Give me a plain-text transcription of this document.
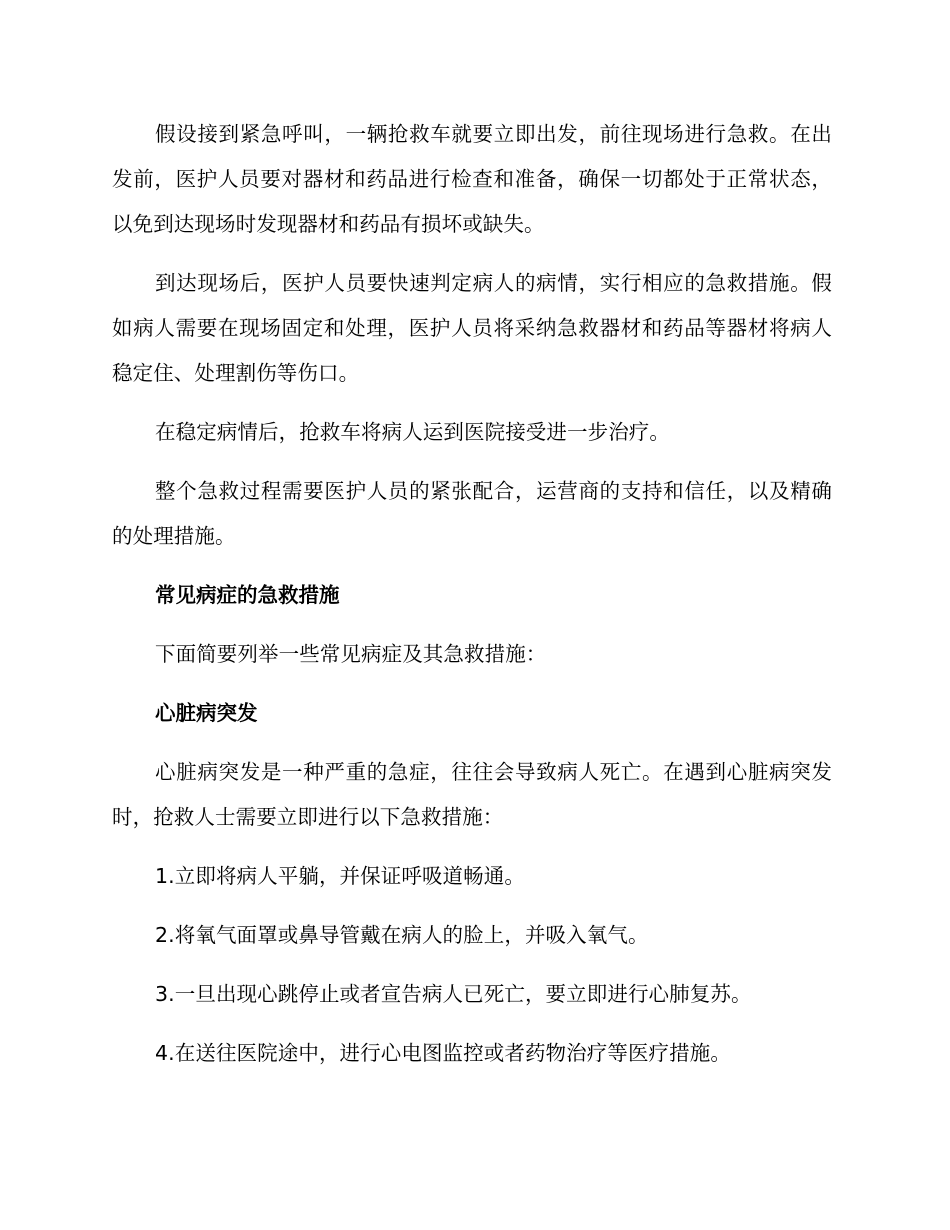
假设接到紧急呼叫，一辆抢救车就要立即出发，前往现场进行急救。在出发前，医护人员要对器材和药品进行检查和准备，确保一切都处于正常状态，以免到达现场时发现器材和药品有损坏或缺失。

到达现场后，医护人员要快速判定病人的病情，实行相应的急救措施。假如病人需要在现场固定和处理，医护人员将采纳急救器材和药品等器材将病人稳定住、处理割伤等伤口。

在稳定病情后，抢救车将病人运到医院接受进一步治疗。

整个急救过程需要医护人员的紧张配合，运营商的支持和信任，以及精确的处理措施。

常见病症的急救措施

下面简要列举一些常见病症及其急救措施：

心脏病突发

心脏病突发是一种严重的急症，往往会导致病人死亡。在遇到心脏病突发时，抢救人士需要立即进行以下急救措施：

1.立即将病人平躺，并保证呼吸道畅通。

2.将氧气面罩或鼻导管戴在病人的脸上，并吸入氧气。

3.一旦出现心跳停止或者宣告病人已死亡，要立即进行心肺复苏。

4.在送往医院途中，进行心电图监控或者药物治疗等医疗措施。
